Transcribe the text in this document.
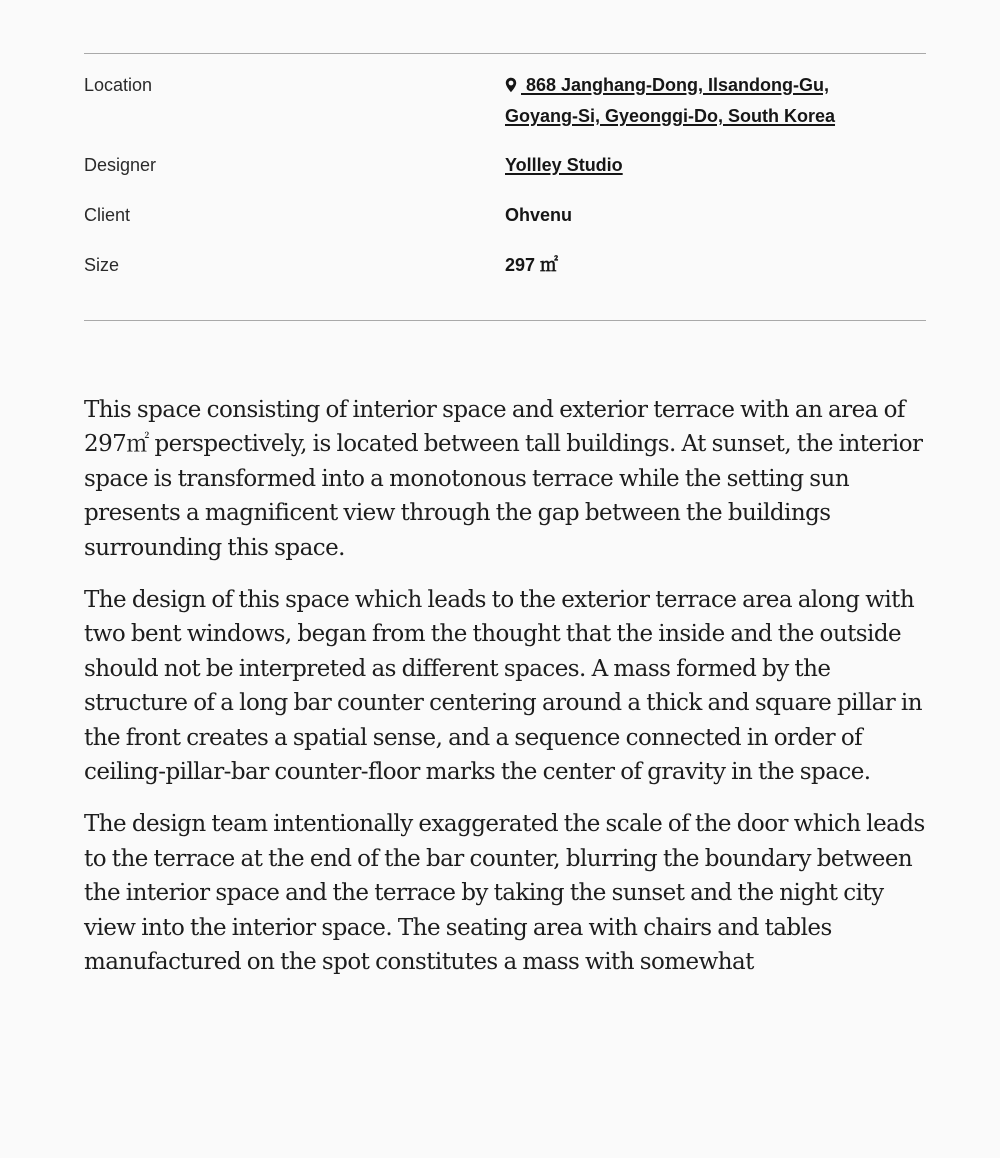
Location	868 Janghang-Dong, Ilsandong-Gu,
Goyang-Si, Gyeonggi-Do, South Korea
Designer	Yollley Studio
Client	Ohvenu
Size	297 ㎡

This space consisting of interior space and exterior terrace with an area of 297㎡ perspectively, is located between tall buildings. At sunset, the interior space is transformed into a monotonous terrace while the setting sun presents a magnificent view through the gap between the buildings surrounding this space.

The design of this space which leads to the exterior terrace area along with two bent windows, began from the thought that the inside and the outside should not be interpreted as different spaces. A mass formed by the structure of a long bar counter centering around a thick and square pillar in the front creates a spatial sense, and a sequence connected in order of ceiling-pillar-bar counter-floor marks the center of gravity in the space.

The design team intentionally exaggerated the scale of the door which leads to the terrace at the end of the bar counter, blurring the boundary between the interior space and the terrace by taking the sunset and the night city view into the interior space. The seating area with chairs and tables manufactured on the spot constitutes a mass with somewhat
